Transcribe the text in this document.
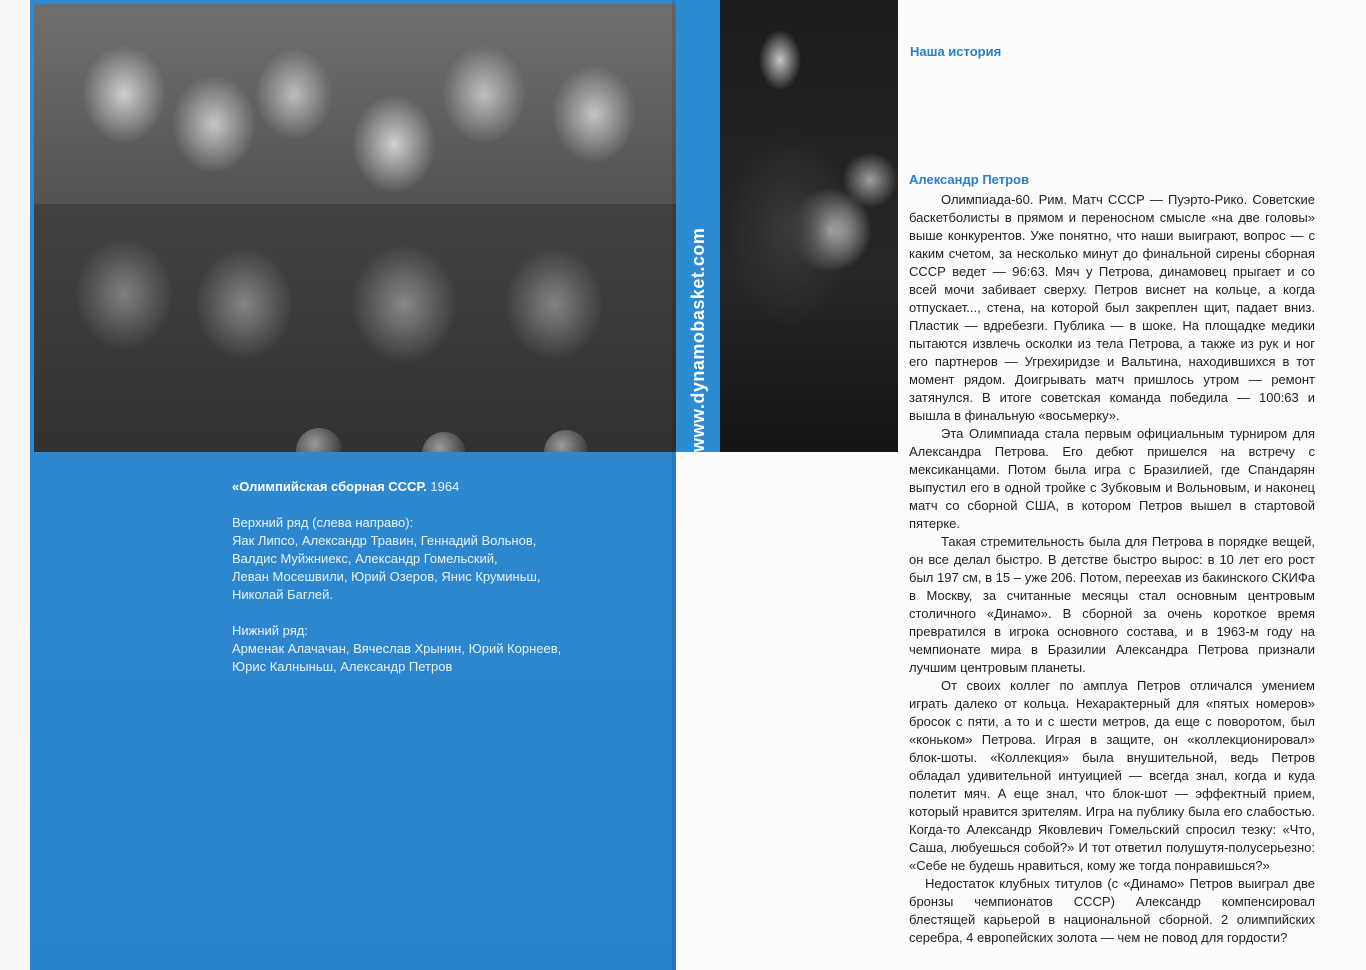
«Олимпийская сборная СССР. 1964

Верхний ряд (слева направо):

Яак Липсо, Александр Травин, Геннадий Вольнов,

Валдис Муйжниекс, Александр Гомельский,

Леван Мосешвили, Юрий Озеров, Янис Круминьш,

Николай Баглей.

Нижний ряд:

Арменак Алачачан, Вячеслав Хрынин, Юрий Корнеев,

Юрис Калныньш, Александр Петров

www.dynamobasket.com
Наша история
Александр Петров

Олимпиада-60. Рим. Матч СССР — Пуэрто-Рико. Советские баскетболисты в прямом и переносном смысле «на две головы» выше конкурентов. Уже понятно, что наши выиграют, вопрос — с каким счетом, за несколько минут до финальной сирены сборная СССР ведет — 96:63. Мяч у Петрова, динамовец прыгает и со всей мочи забивает сверху. Петров виснет на кольце, а когда отпускает..., стена, на которой был закреплен щит, падает вниз. Пластик — вдребезги. Публика — в шоке. На площадке медики пытаются извлечь осколки из тела Петрова, а также из рук и ног его партнеров — Угрехиридзе и Вальтина, находившихся в тот момент рядом. Доигрывать матч пришлось утром — ремонт затянулся. В итоге советская команда победила — 100:63 и вышла в финальную «восьмерку».

Эта Олимпиада стала первым официальным турниром для Александра Петрова. Его дебют пришелся на встречу с мексиканцами. Потом была игра с Бразилией, где Спандарян выпустил его в одной тройке с Зубковым и Вольновым, и наконец матч со сборной США, в котором Петров вышел в стартовой пятерке.

Такая стремительность была для Петрова в порядке вещей, он все делал быстро. В детстве быстро вырос: в 10 лет его рост был 197 см, в 15 – уже 206. Потом, переехав из бакинского СКИФа в Москву, за считанные месяцы стал основным центровым столичного «Динамо». В сборной за очень короткое время превратился в игрока основного состава, и в 1963-м году на чемпионате мира в Бразилии Александра Петрова признали лучшим центровым планеты.

От своих коллег по амплуа Петров отличался умением играть далеко от кольца. Нехарактерный для «пятых номеров» бросок с пяти, а то и с шести метров, да еще с поворотом, был «коньком» Петрова. Играя в защите, он «коллекционировал» блок-шоты. «Коллекция» была внушительной, ведь Петров обладал удивительной интуицией — всегда знал, когда и куда полетит мяч. А еще знал, что блок-шот — эффектный прием, который нравится зрителям. Игра на публику была его слабостью. Когда-то Александр Яковлевич Гомельский спросил тезку: «Что, Саша, любуешься собой?» И тот ответил полушутя-полусерьезно: «Себе не будешь нравиться, кому же тогда понравишься?»

Недостаток клубных титулов (с «Динамо» Петров выиграл две бронзы чемпионатов СССР) Александр компенсировал блестящей карьерой в национальной сборной. 2 олимпийских серебра, 4 европейских золота — чем не повод для гордости?
